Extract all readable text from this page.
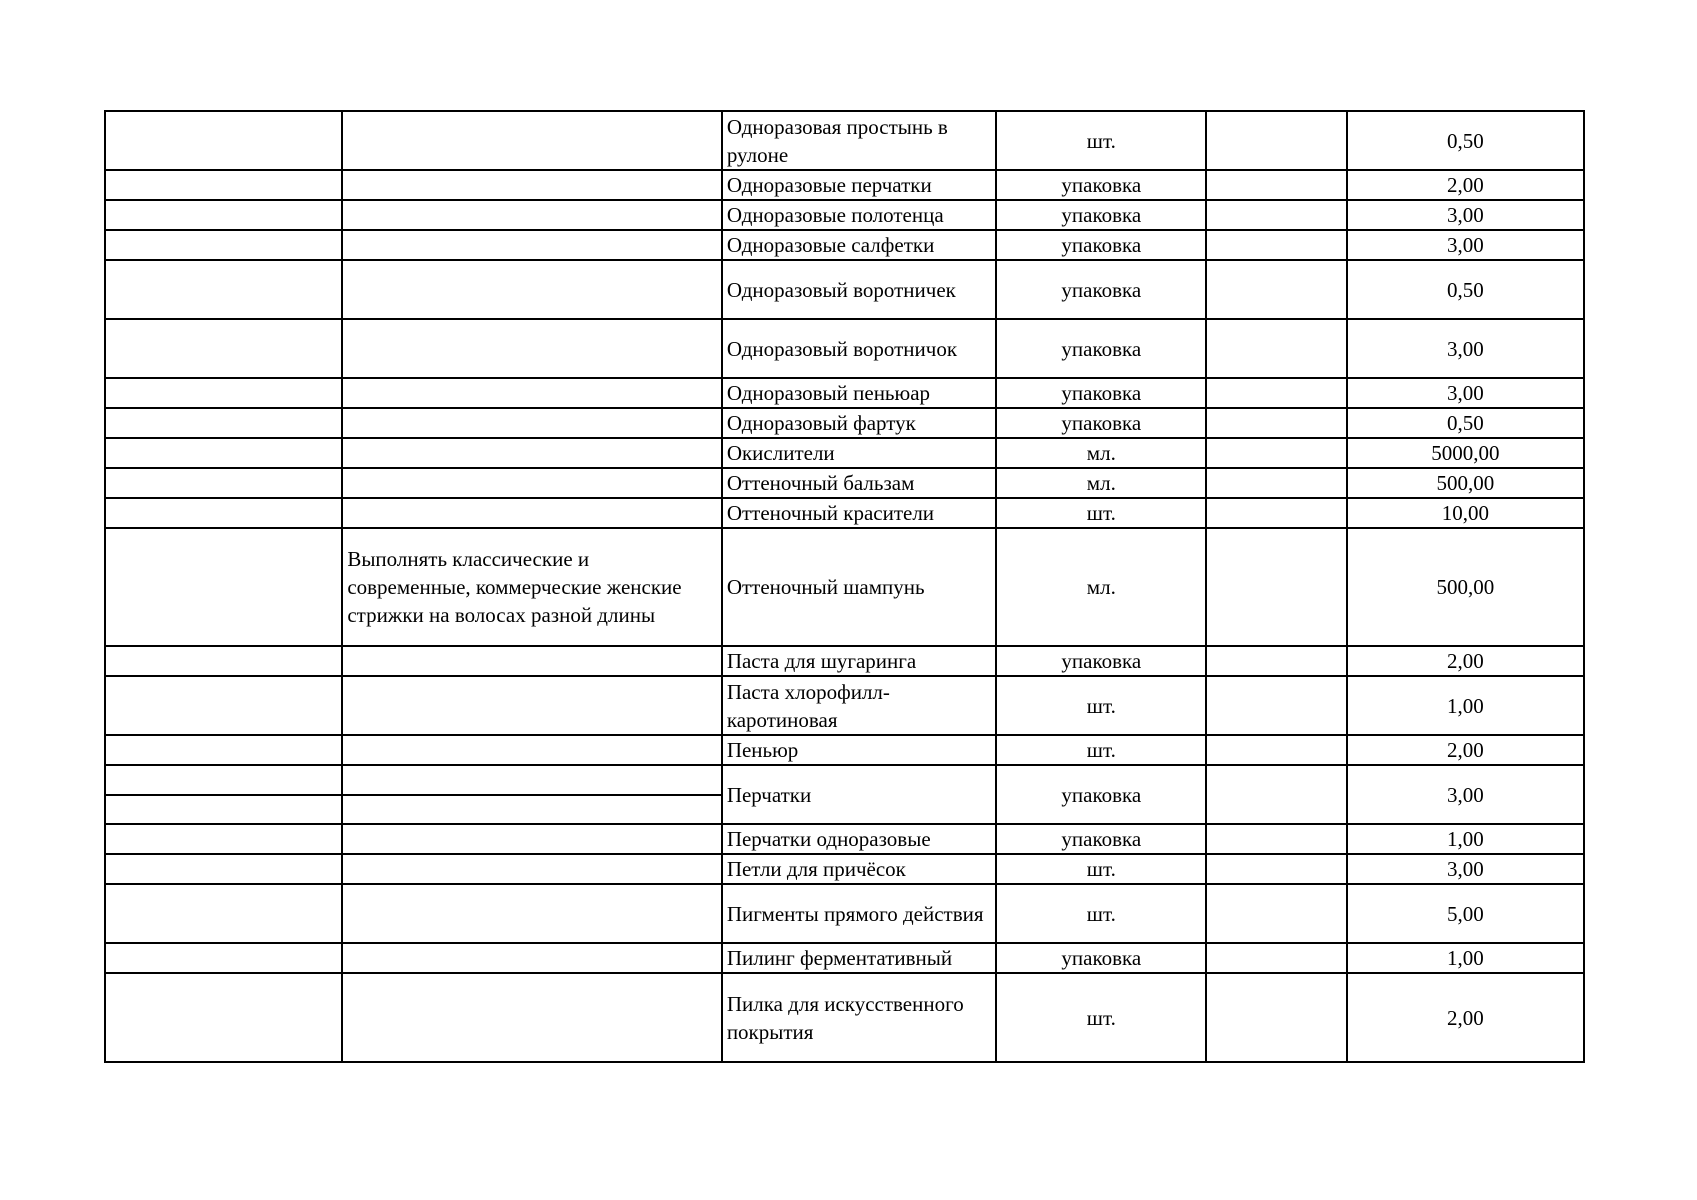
		Одноразовая простынь в рулоне	шт.		0,50
		Одноразовые перчатки	упаковка		2,00
		Одноразовые полотенца	упаковка		3,00
		Одноразовые салфетки	упаковка		3,00
		Одноразовый воротничек	упаковка		0,50
		Одноразовый воротничок	упаковка		3,00
		Одноразовый пеньюар	упаковка		3,00
		Одноразовый фартук	упаковка		0,50
		Окислители	мл.		5000,00
		Оттеночный бальзам	мл.		500,00
		Оттеночный красители	шт.		10,00
	Выполнять классические и современные, коммерческие женские стрижки на волосах разной длины	Оттеночный шампунь	мл.		500,00
		Паста для шугаринга	упаковка		2,00
		Паста хлорофилл-каротиновая	шт.		1,00
		Пеньюр	шт.		2,00
		Перчатки	упаковка		3,00

		Перчатки одноразовые	упаковка		1,00
		Петли для причёсок	шт.		3,00
		Пигменты прямого действия	шт.		5,00
		Пилинг ферментативный	упаковка		1,00
		Пилка для искусственного покрытия	шт.		2,00
